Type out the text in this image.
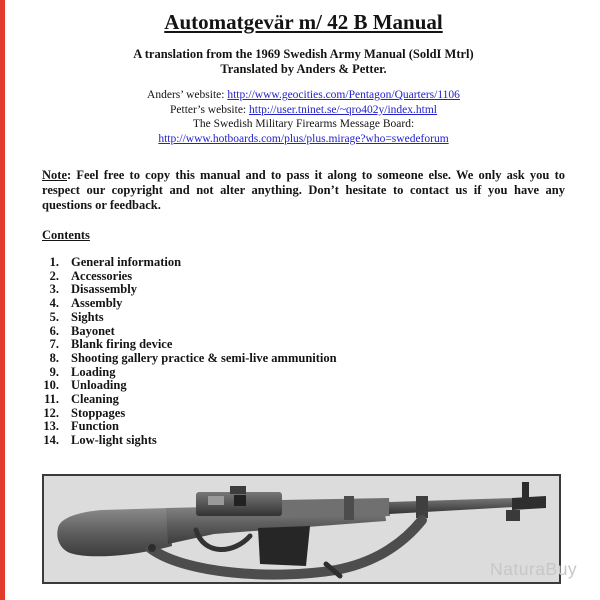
Automatgevär m/ 42 B Manual
A translation from the 1969 Swedish Army Manual (SoldI Mtrl)
Translated by Anders & Petter.
Anders’ website: http://www.geocities.com/Pentagon/Quarters/1106
Petter’s website: http://user.tninet.se/~qro402y/index.html
The Swedish Military Firearms Message Board:
http://www.hotboards.com/plus/plus.mirage?who=swedeforum
Note: Feel free to copy this manual and to pass it along to someone else. We only ask you to respect our copyright and not alter anything. Don’t hesitate to contact us if you have any questions or feedback.
Contents
1. General information
2. Accessories
3. Disassembly
4. Assembly
5. Sights
6. Bayonet
7. Blank firing device
8. Shooting gallery practice & semi-live ammunition
9. Loading
10. Unloading
11. Cleaning
12. Stoppages
13. Function
14. Low-light sights
NaturaBuy
